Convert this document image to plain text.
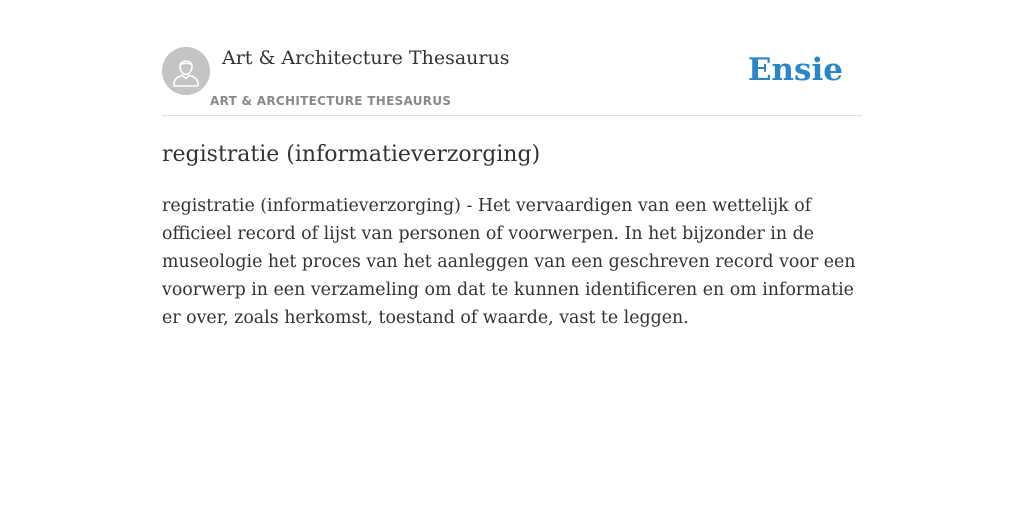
Art & Architecture Thesaurus
ART & ARCHITECTURE THESAURUS
Ensie
registratie (informatieverzorging)

registratie (informatieverzorging) - Het vervaardigen van een wettelijk of officieel record of lijst van personen of voorwerpen. In het bijzonder in de museologie het proces van het aanleggen van een geschreven record voor een voorwerp in een verzameling om dat te kunnen identificeren en om informatie er over, zoals herkomst, toestand of waarde, vast te leggen.
